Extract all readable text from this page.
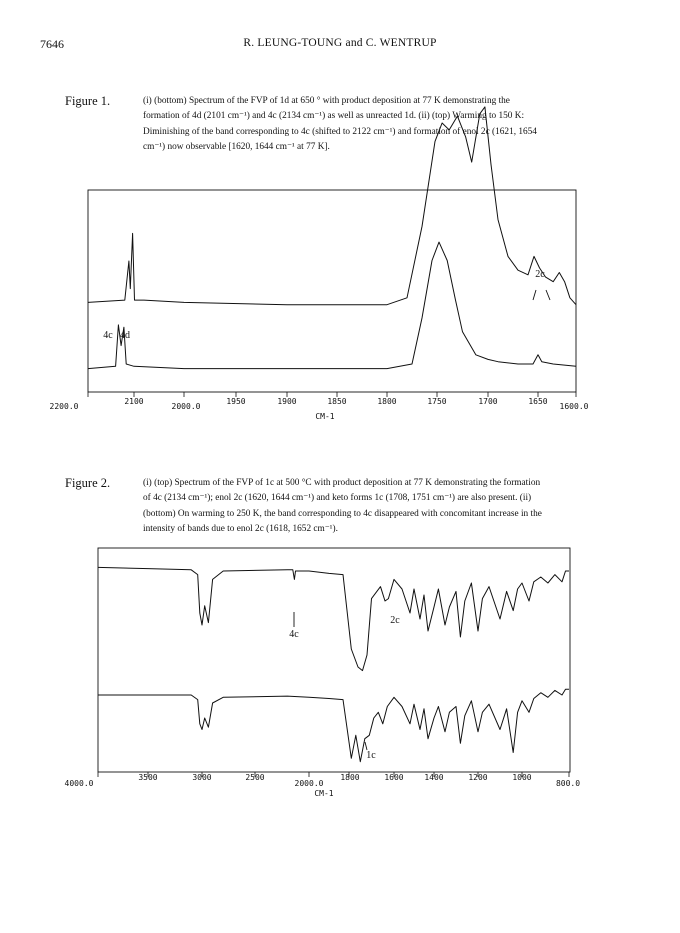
7646	R. LEUNG-TOUNG and C. WENTRUP
Figure 1.	(i) (bottom) Spectrum of the FVP of 1d at 650 ° with product deposition at 77 K demonstrating the

formation of 4d (2101 cm⁻¹) and 4c (2134 cm⁻¹) as well as unreacted 1d. (ii) (top) Warming to 150 K:

Diminishing of the band corresponding to 4c (shifted to 2122 cm⁻¹) and formation of enol 2c (1621, 1654

cm⁻¹) now observable [1620, 1644 cm⁻¹ at 77 K].

Figure 2.	(i) (top) Spectrum of the FVP of 1c at 500 °C with product deposition at 77 K demonstrating the formation

of 4c (2134 cm⁻¹); enol 2c (1620, 1644 cm⁻¹) and keto forms 1c (1708, 1751 cm⁻¹) are also present. (ii)

(bottom) On warming to 250 K, the band corresponding to 4c disappeared with concomitant increase in the

intensity of bands due to enol 2c (1618, 1652 cm⁻¹).

2200.0
2100
2000.0
1950	1900	1850	1800	1750	1700	1650
1600.0
CM-1
4c 4d
2c
4000.0
3500	3000	2500
2000.0
1800	1600	1400	1200	1000
800.0
CM-1
4c
2c
1c
